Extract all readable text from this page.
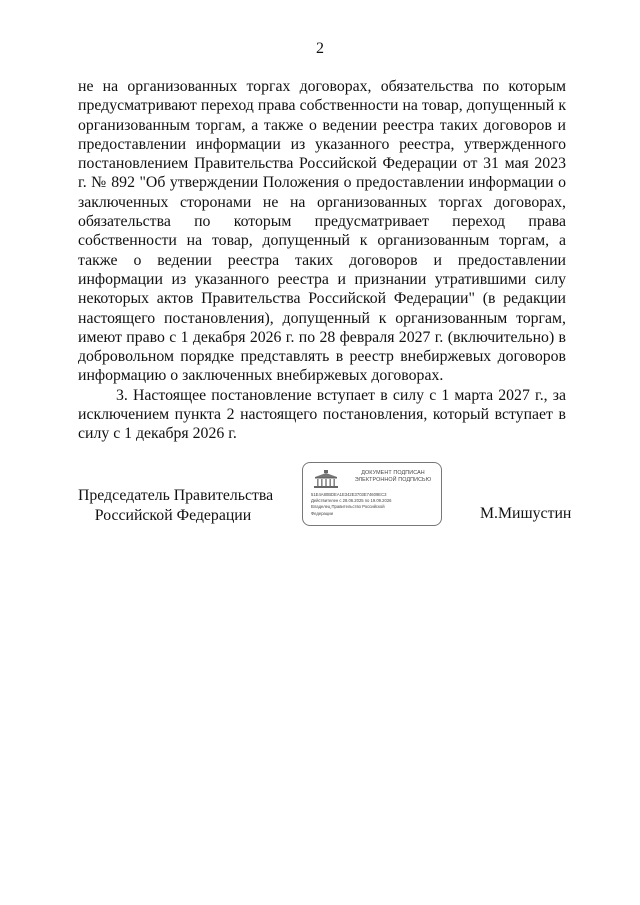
2

не на организованных торгах договорах, обязательства по которым предусматривают переход права собственности на товар, допущенный к организованным торгам, а также о ведении реестра таких договоров и предоставлении информации из указанного реестра, утвержденного постановлением Правительства Российской Федерации от 31 мая 2023 г. № 892 "Об утверждении Положения о предоставлении информации о заключенных сторонами не на организованных торгах договорах, обязательства по которым предусматривает переход права собственности на товар, допущенный к организованным торгам, а также о ведении реестра таких договоров и предоставлении информации из указанного реестра и признании утратившими силу некоторых актов Правительства Российской Федерации" (в редакции настоящего постановления), допущенный к организованным торгам, имеют право с 1 декабря 2026 г. по 28 февраля 2027 г. (включительно) в добровольном порядке представлять в реестр внебиржевых договоров информацию о заключенных внебиржевых договорах.

3. Настоящее постановление вступает в силу с 1 марта 2027 г., за исключением пункта 2 настоящего постановления, который вступает в силу с 1 декабря 2026 г.

Председатель Правительства
Российской Федерации
ДОКУМЕНТ ПОДПИСАН
ЭЛЕКТРОННОЙ ПОДПИСЬЮ
51E4A80BDEA1E342E3703E74609EC3
Действителен с 28.06.2025 по 19.09.2026
Владелец Правительство Российской
Федерации	М.Мишустин
